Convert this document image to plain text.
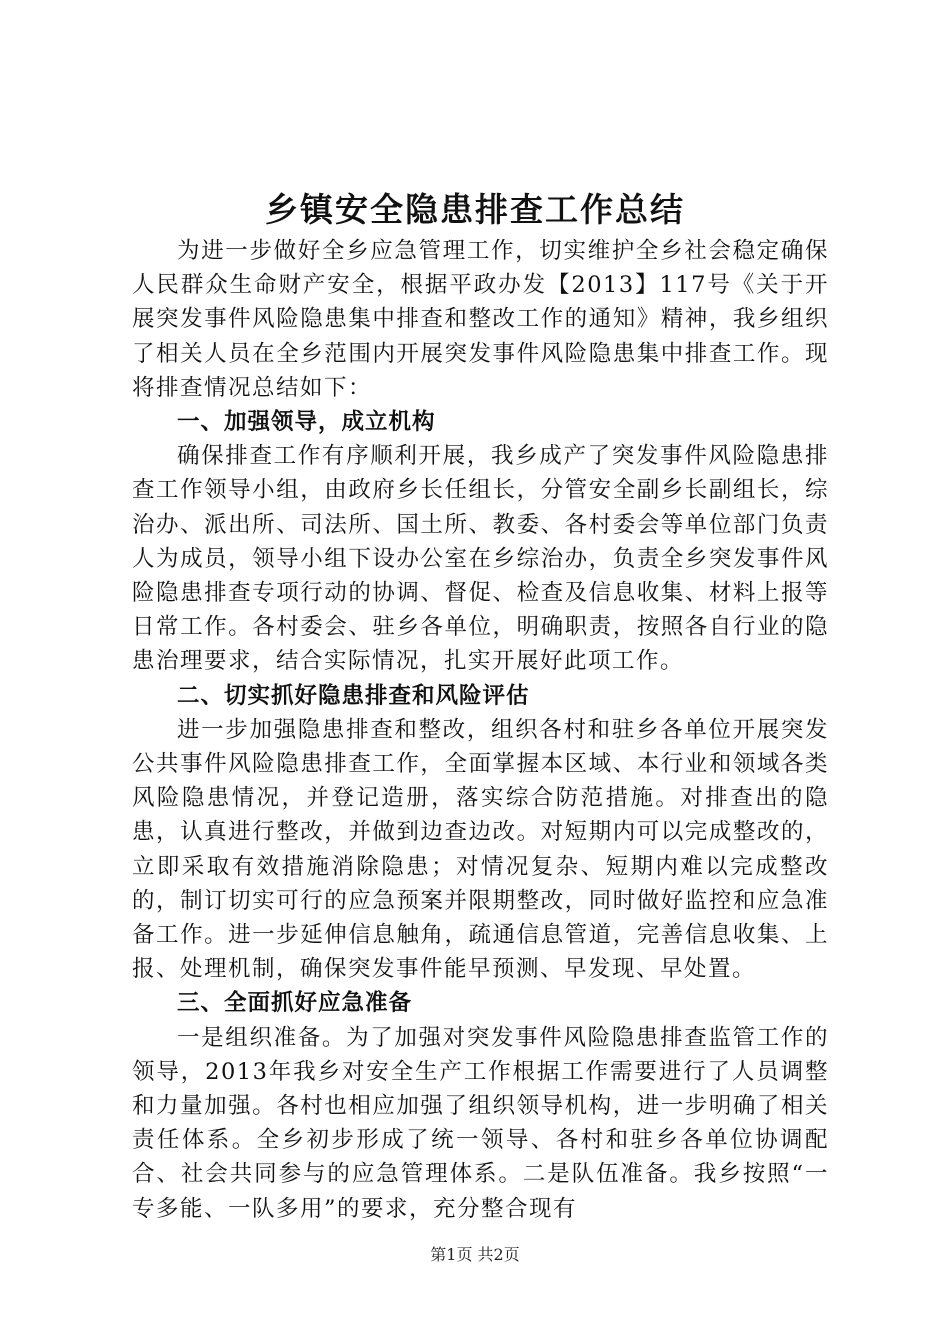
乡镇安全隐患排查工作总结

为进一步做好全乡应急管理工作，切实维护全乡社会稳定确保人民群众生命财产安全，根据平政办发【2013】117号《关于开展突发事件风险隐患集中排查和整改工作的通知》精神，我乡组织了相关人员在全乡范围内开展突发事件风险隐患集中排查工作。现将排查情况总结如下：

一、加强领导，成立机构

确保排查工作有序顺利开展，我乡成产了突发事件风险隐患排查工作领导小组，由政府乡长任组长，分管安全副乡长副组长，综治办、派出所、司法所、国土所、教委、各村委会等单位部门负责人为成员，领导小组下设办公室在乡综治办，负责全乡突发事件风险隐患排查专项行动的协调、督促、检查及信息收集、材料上报等日常工作。各村委会、驻乡各单位，明确职责，按照各自行业的隐患治理要求，结合实际情况，扎实开展好此项工作。

二、切实抓好隐患排查和风险评估

进一步加强隐患排查和整改，组织各村和驻乡各单位开展突发公共事件风险隐患排查工作，全面掌握本区域、本行业和领域各类风险隐患情况，并登记造册，落实综合防范措施。对排查出的隐患，认真进行整改，并做到边查边改。对短期内可以完成整改的，立即采取有效措施消除隐患；对情况复杂、短期内难以完成整改的，制订切实可行的应急预案并限期整改，同时做好监控和应急准备工作。进一步延伸信息触角，疏通信息管道，完善信息收集、上报、处理机制，确保突发事件能早预测、早发现、早处置。

三、全面抓好应急准备

一是组织准备。为了加强对突发事件风险隐患排查监管工作的领导，2013年我乡对安全生产工作根据工作需要进行了人员调整和力量加强。各村也相应加强了组织领导机构，进一步明确了相关责任体系。全乡初步形成了统一领导、各村和驻乡各单位协调配合、社会共同参与的应急管理体系。二是队伍准备。我乡按照“一专多能、一队多用”的要求，充分整合现有

第1页 共2页
